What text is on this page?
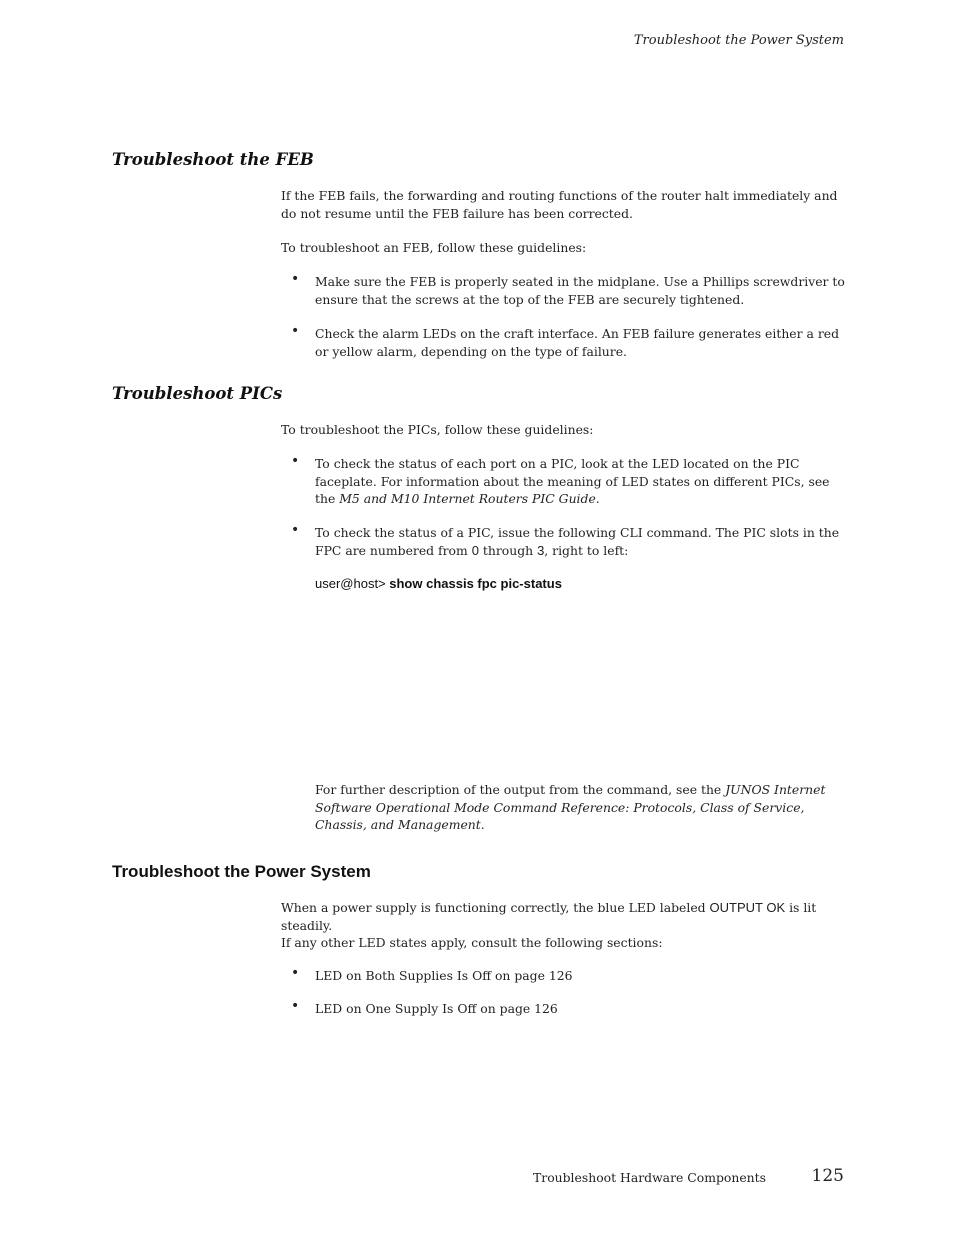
Troubleshoot the Power System
Troubleshoot the FEB

If the FEB fails, the forwarding and routing functions of the router halt immediately and do not resume until the FEB failure has been corrected.

To troubleshoot an FEB, follow these guidelines:

• Make sure the FEB is properly seated in the midplane. Use a Phillips screwdriver to ensure that the screws at the top of the FEB are securely tightened.
• Check the alarm LEDs on the craft interface. An FEB failure generates either a red or yellow alarm, depending on the type of failure.
Troubleshoot PICs

To troubleshoot the PICs, follow these guidelines:

• To check the status of each port on a PIC, look at the LED located on the PIC faceplate. For information about the meaning of LED states on different PICs, see the M5 and M10 Internet Routers PIC Guide.
• To check the status of a PIC, issue the following CLI command. The PIC slots in the FPC are numbered from 0 through 3, right to left:

user@host> show chassis fpc pic-status

For further description of the output from the command, see the JUNOS Internet Software Operational Mode Command Reference: Protocols, Class of Service, Chassis, and Management.

Troubleshoot the Power System

When a power supply is functioning correctly, the blue LED labeled OUTPUT OK is lit steadily.

If any other LED states apply, consult the following sections:

• LED on Both Supplies Is Off on page 126
• LED on One Supply Is Off on page 126
Troubleshoot Hardware Components	125
